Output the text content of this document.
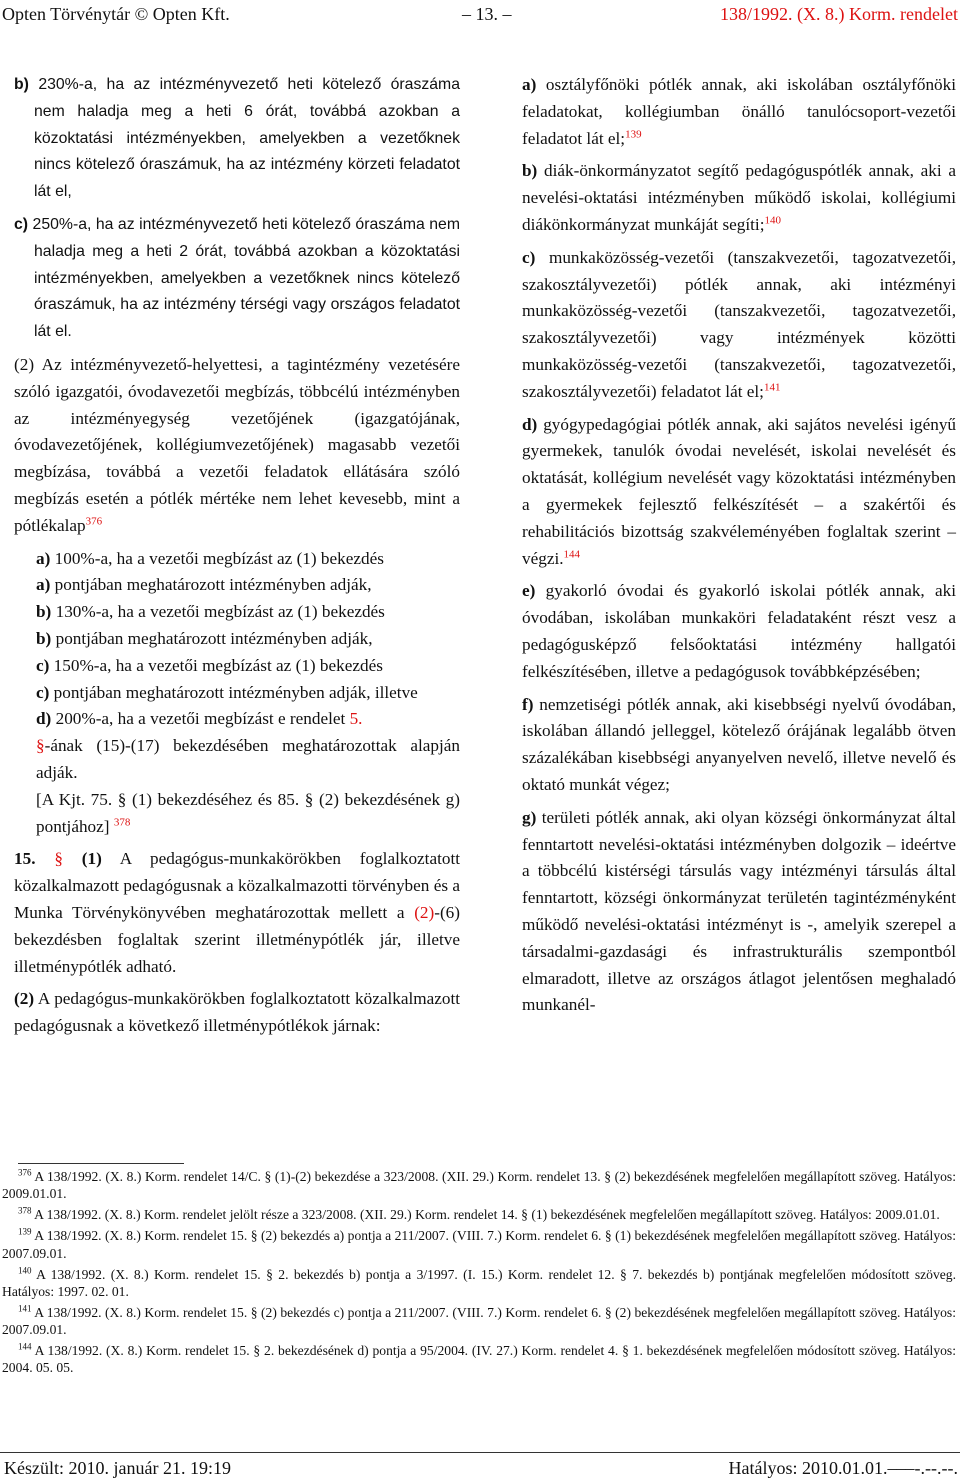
Opten Törvénytár © Opten Kft.	– 13. –	138/1992. (X. 8.) Korm. rendelet

b) 230%-a, ha az intézményvezető heti kötelező óraszáma nem haladja meg a heti 6 órát, továbbá azokban a közoktatási intézményekben, amelyekben a vezetőknek nincs kötelező óraszámuk, ha az intézmény körzeti feladatot lát el,

c) 250%-a, ha az intézményvezető heti kötelező óraszáma nem haladja meg a heti 2 órát, továbbá azokban a közoktatási intézményekben, amelyekben a vezetőknek nincs kötelező óraszámuk, ha az intézmény térségi vagy országos feladatot lát el.

(2) Az intézményvezető-helyettesi, a tagintézmény vezetésére szóló igazgatói, óvodavezetői megbízás, többcélú intézményben az intézményegység vezetőjének (igazgatójának, óvodavezetőjének, kollégiumvezetőjének) magasabb vezetői megbízása, továbbá a vezetői feladatok ellátására szóló megbízás esetén a pótlék mértéke nem lehet kevesebb, mint a pótlékalap$^{376}$

a) 100%-a, ha a vezetői megbízást az (1) bekezdés

a) pontjában meghatározott intézményben adják,

b) 130%-a, ha a vezetői megbízást az (1) bekezdés

b) pontjában meghatározott intézményben adják,

c) 150%-a, ha a vezetői megbízást az (1) bekezdés

c) pontjában meghatározott intézményben adják, illetve

d) 200%-a, ha a vezetői megbízást e rendelet 5.
§-ának (15)-(17) bekezdésében meghatározottak alapján adják.

[A Kjt. 75. § (1) bekezdéséhez és 85. § (2) bekezdésének g) pontjához] $^{378}$

15. § (1) A pedagógus-munkakörökben foglalkoztatott közalkalmazott pedagógusnak a közalkalmazotti törvényben és a Munka Törvénykönyvében meghatározottak mellett a (2)-(6) bekezdésben foglaltak szerint illetménypótlék jár, illetve illetménypótlék adható.

(2) A pedagógus-munkakörökben foglalkoztatott közalkalmazott pedagógusnak a következő illetménypótlékok járnak:

a) osztályfőnöki pótlék annak, aki iskolában osztályfőnöki feladatokat, kollégiumban önálló tanulócsoport-vezetői feladatot lát el;$^{139}$

b) diák-önkormányzatot segítő pedagóguspótlék annak, aki a nevelési-oktatási intézményben működő iskolai, kollégiumi diákönkormányzat munkáját segíti;$^{140}$

c) munkaközösség-vezetői (tanszakvezetői, tagozatvezetői, szakosztályvezetői) pótlék annak, aki intézményi munkaközösség-vezetői (tanszakvezetői, tagozatvezetői, szakosztályvezetői) vagy intézmények közötti munkaközösség-vezetői (tanszakvezetői, tagozatvezetői, szakosztályvezetői) feladatot lát el;$^{141}$

d) gyógypedagógiai pótlék annak, aki sajátos nevelési igényű gyermekek, tanulók óvodai nevelését, iskolai nevelését és oktatását, kollégium nevelését vagy közoktatási intézményben a gyermekek fejlesztő felkészítését – a szakértői és rehabilitációs bizottság szakvéleményében foglaltak szerint – végzi.$^{144}$

e) gyakorló óvodai és gyakorló iskolai pótlék annak, aki óvodában, iskolában munkaköri feladataként részt vesz a pedagógusképző felsőoktatási intézmény hallgatói felkészítésében, illetve a pedagógusok továbbképzésében;

f) nemzetiségi pótlék annak, aki kisebbségi nyelvű óvodában, iskolában állandó jelleggel, kötelező órájának legalább ötven százalékában kisebbségi anyanyelven nevelő, illetve nevelő és oktató munkát végez;

g) területi pótlék annak, aki olyan községi önkormányzat által fenntartott nevelési-oktatási intézményben dolgozik – ideértve a többcélú kistérségi társulás vagy intézményi társulás által fenntartott, községi önkormányzat területén tagintézményként működő nevelési-oktatási intézményt is -, amelyik szerepel a társadalmi-gazdasági és infrastrukturális szempontból elmaradott, illetve az országos átlagot jelentősen meghaladó munkanél-

$^{376}$ A 138/1992. (X. 8.) Korm. rendelet 14/C. § (1)-(2) bekezdése a 323/2008. (XII. 29.) Korm. rendelet 13. § (2) bekezdésének megfelelően megállapított szöveg. Hatályos: 2009.01.01.

$^{378}$ A 138/1992. (X. 8.) Korm. rendelet jelölt része a 323/2008. (XII. 29.) Korm. rendelet 14. § (1) bekezdésének megfelelően megállapított szöveg. Hatályos: 2009.01.01.

$^{139}$ A 138/1992. (X. 8.) Korm. rendelet 15. § (2) bekezdés a) pontja a 211/2007. (VIII. 7.) Korm. rendelet 6. § (1) bekezdésének megfelelően megállapított szöveg. Hatályos: 2007.09.01.

$^{140}$ A 138/1992. (X. 8.) Korm. rendelet 15. § 2. bekezdés b) pontja a 3/1997. (I. 15.) Korm. rendelet 12. § 7. bekezdés b) pontjának megfelelően módosított szöveg. Hatályos: 1997. 02. 01.

$^{141}$ A 138/1992. (X. 8.) Korm. rendelet 15. § (2) bekezdés c) pontja a 211/2007. (VIII. 7.) Korm. rendelet 6. § (2) bekezdésének megfelelően megállapított szöveg. Hatályos: 2007.09.01.

$^{144}$ A 138/1992. (X. 8.) Korm. rendelet 15. § 2. bekezdésének d) pontja a 95/2004. (IV. 27.) Korm. rendelet 4. § 1. bekezdésének megfelelően módosított szöveg. Hatályos: 2004. 05. 05.

Készült: 2010. január 21. 19:19	Hatályos: 2010.01.01.–––-.--.--.
